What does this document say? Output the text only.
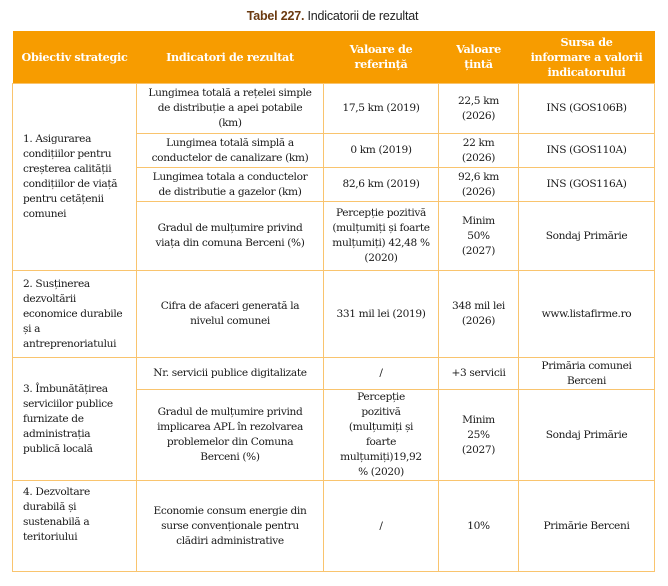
Tabel 227. Indicatorii de rezultat
Obiectiv strategic	Indicatori de rezultat	Valoare de referință	Valoare țintă	Sursa de informare a valorii indicatorului
1. Asigurarea condițiilor pentru creșterea calității condițiilor de viață pentru cetățenii comunei	Lungimea totală a rețelei simple de distribuție a apei potabile (km)	17,5 km (2019)	22,5 km (2026)	INS (GOS106B)
	Lungimea totală simplă a conductelor de canalizare (km)	0 km (2019)	22 km (2026)	INS (GOS110A)
	Lungimea totala a conductelor de distributie a gazelor (km)	82,6 km (2019)	92,6 km (2026)	INS (GOS116A)
	Gradul de mulțumire privind viața din comuna Berceni (%)	Percepție pozitivă (mulțumiți și foarte mulțumiți) 42,48 % (2020)	Minim 50% (2027)	Sondaj Primărie
2. Susținerea dezvoltării economice durabile și a antreprenoriatului	Cifra de afaceri generată la nivelul comunei	331 mil lei (2019)	348 mil lei (2026)	www.listafirme.ro
3. Îmbunătățirea serviciilor publice furnizate de administrația publică locală	Nr. servicii publice digitalizate	/	+3 servicii	Primăria comunei Berceni
	Gradul de mulțumire privind implicarea APL în rezolvarea problemelor din Comuna Berceni (%)	Percepție pozitivă (mulțumiți și foarte mulțumiți)19,92 % (2020)	Minim 25% (2027)	Sondaj Primărie
4. Dezvoltare durabilă și sustenabilă a teritoriului	Economie consum energie din surse convenționale pentru clădiri administrative	/	10%	Primărie Berceni
